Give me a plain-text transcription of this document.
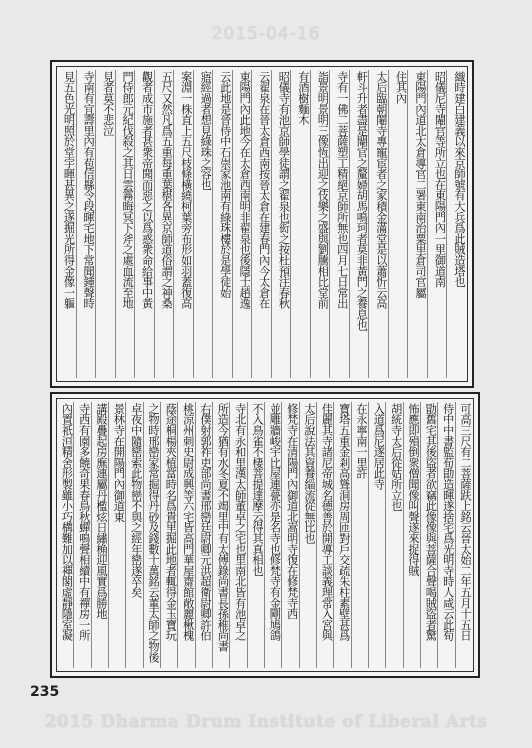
2015-04-16
織時建白建義以來京師號有大兵爲此賊造塔也
昭儀尼寺閹官等所立也在東陽門內一里御道南
東陽門內道北太倉導官二署東南治粟里倉司官屬
住其內
太后臨朝閹寺專寵宦者之家積金滿堂是以蕭忻云高
軒斗升者盡是閹官之釐婦胡馬鳴珂者莫非黃門之養息也
寺有一佛二菩薩塑工精絕京師所無也四月七日常出
詣景明景明三像恆出迎之伎樂之盛與劉騰相比堂前
有酒樹麵木
昭儀寺有池京師學徒謂之翟泉也衒之按杜預注春秋
云翟泉在晉太倉西南按晉太倉在建春門內今太倉在
東陽門內此地今在太倉西南明非翟泉也後隱士趙逸
云此地是晉侍中石崇家池南有綠珠樓於是學徒始
寤經過者想見綠珠之容也
案淵一株直上五尺枝條橫繞柯葉旁布形如羽蓋復高
五尺又然凡爲五重每重葉椹各異京師道俗謂之神桑
觀者成市施者甚衆帝聞而惡之以爲惑衆命給事中黃
門侍郎元紀伐殺之其日雲霧晦冥下斧之處血流至地
見者莫不悲泣
寺南有宜壽里內有苞信縣令段暉宅地下常聞鍾聲時
見五色光明照於堂宇暉甚異之遂掘光所得金像一軀
可高三尺有二菩薩趺上銘云晉太始二年五月十五日
侍中中書監荀勖造暉遂捨宅爲光明寺時人咸云此荀
勖舊宅其後盜者欲竊此像像與菩薩合聲喝賊盜者驚
怖應即殞倒衆僧聞像叫聲遂來捉得賊
胡統寺太后從姑所立也
入道爲尼遂居此寺
在永寧南一里許
寶塔五重金剎高聳洞房周匝對戶交疏朱柱素壁甚爲
佳麗其寺諸尼帝城名德善於開導工談義理常入宮與
太后說法其資養緇流從無比也
修梵寺在清陽門內御道北嵩明寺復在修梵寺西
並雕牆峻宇比屋連甍亦是名寺也修梵寺有金剛鳩鴿
不入鳥雀不棲菩提達摩云得其真相也
寺北有永和里漢太師董卓之宅也里南北皆有池卓之
所造今猶有水冬夏不竭里中有太傅錄尚書長孫稚尚書
右僕射郭祚吏部尚書邢巒廷尉卿元洪超衛尉卿許伯
桃涼州刺史尉成興等六宅皆高門華屋齋館敞麗楸槐
蔭途桐楊夾植當時名爲貴里掘此地者輒得金玉寶玩
之物時邢巒家常掘得丹砂及錢數十萬銘云董太師之物後
卓夜中隨巒索此物巒不與之經年巒遂卒矣
景林寺在開陽門內御道東
講殿疊起房廡連屬丹檻炫日繡桷迎風實爲勝地
寺西有園多饒奇果春鳥秋蟬鳴聲相續中有禪房一所
內置祇洹精舍形製雖小巧構難加以禪閣虛靜隱室凝
235
2015 Dharma Drum Institute of Liberal Arts
